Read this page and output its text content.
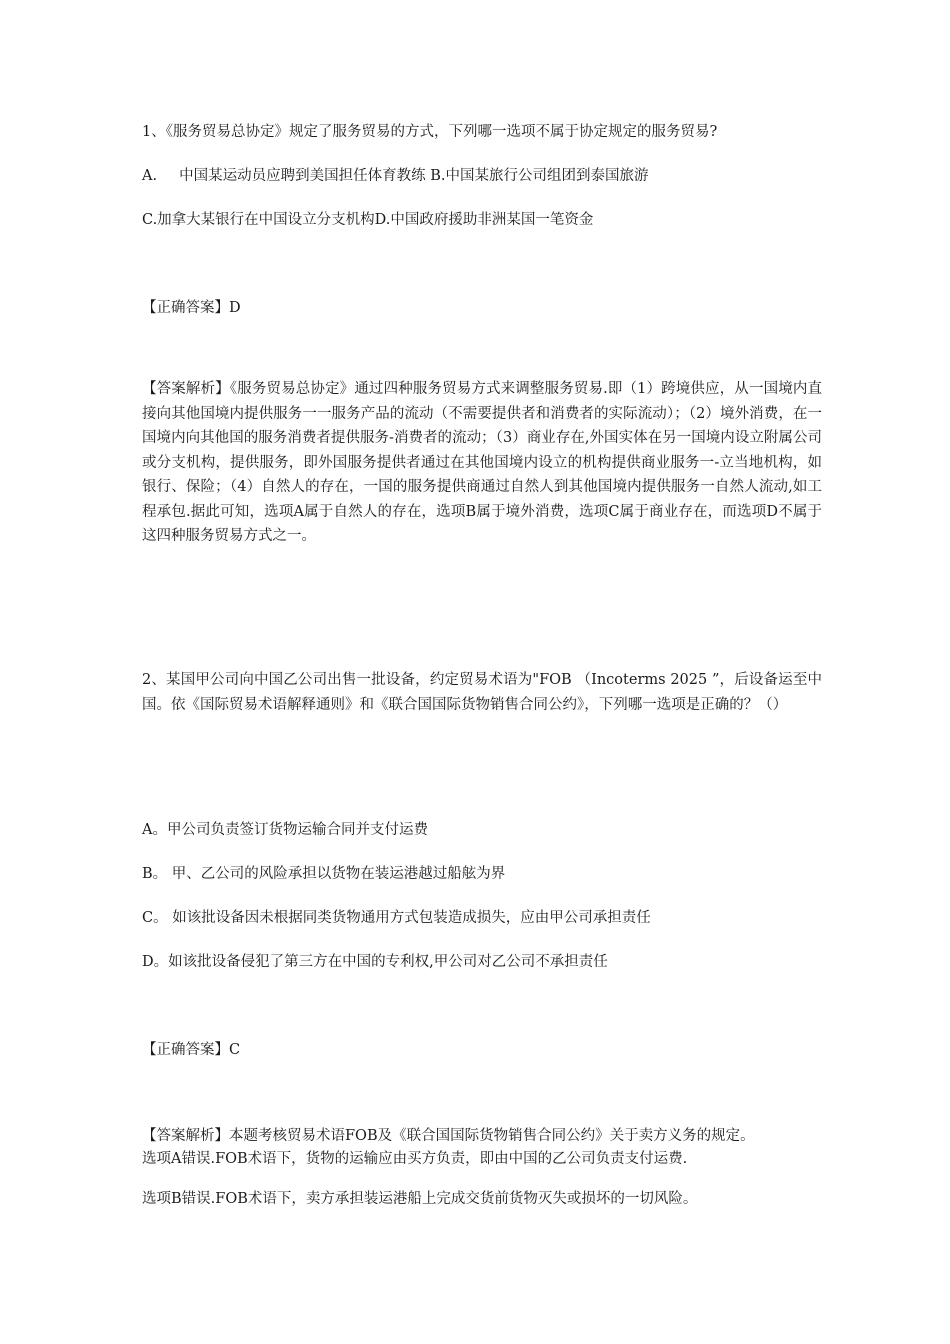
1、《服务贸易总协定》规定了服务贸易的方式，下列哪一选项不属于协定规定的服务贸易?

A. 中国某运动员应聘到美国担任体育教练 B.中国某旅行公司组团到泰国旅游

C.加拿大某银行在中国设立分支机构D.中国政府援助非洲某国一笔资金

【正确答案】D

【答案解析】《服务贸易总协定》通过四种服务贸易方式来调整服务贸易.即（1）跨境供应，从一国境内直接向其他国境内提供服务一一服务产品的流动（不需要提供者和消费者的实际流动）；（2）境外消费，在一国境内向其他国的服务消费者提供服务-消费者的流动；（3）商业存在,外国实体在另一国境内设立附属公司或分支机构，提供服务，即外国服务提供者通过在其他国境内设立的机构提供商业服务一-立当地机构，如银行、保险；（4）自然人的存在，一国的服务提供商通过自然人到其他国境内提供服务一自然人流动,如工程承包.据此可知，选项A属于自然人的存在，选项B属于境外消费，选项C属于商业存在，而选项D不属于这四种服务贸易方式之一。

2、某国甲公司向中国乙公司出售一批设备，约定贸易术语为"FOB （Incoterms 2025 ”，后设备运至中国。依《国际贸易术语解释通则》和《联合国国际货物销售合同公约》，下列哪一选项是正确的？（）

A。甲公司负责签订货物运输合同并支付运费

B。 甲、乙公司的风险承担以货物在装运港越过船舷为界

C。 如该批设备因未根据同类货物通用方式包装造成损失，应由甲公司承担责任

D。如该批设备侵犯了第三方在中国的专利权,甲公司对乙公司不承担责任

【正确答案】C

【答案解析】本题考核贸易术语FOB及《联合国国际货物销售合同公约》关于卖方义务的规定。

选项A错误.FOB术语下，货物的运输应由买方负责，即由中国的乙公司负责支付运费.

选项B错误.FOB术语下，卖方承担装运港船上完成交货前货物灭失或损坏的一切风险。
